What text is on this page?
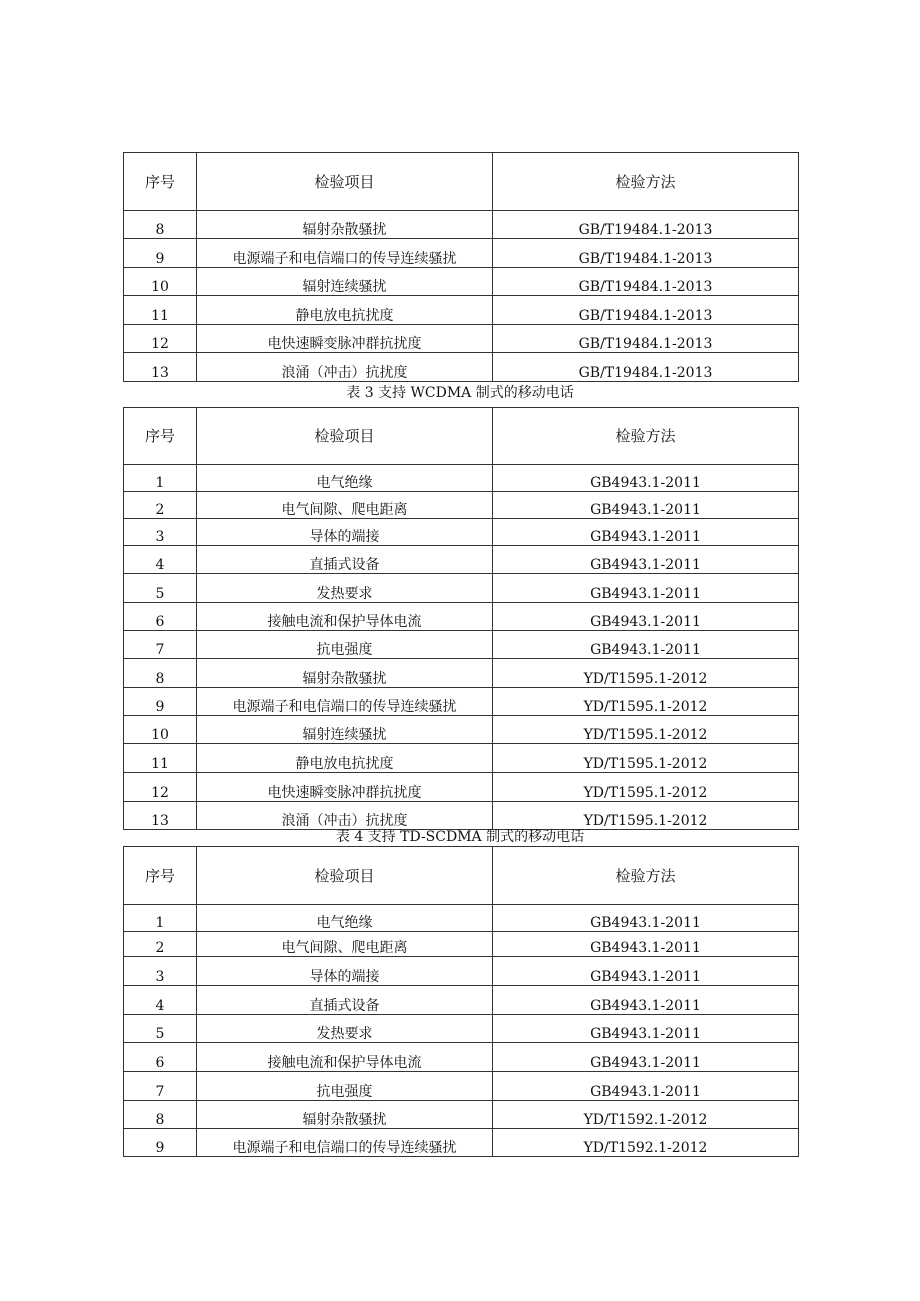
序号	检验项目	检验方法
8	辐射杂散骚扰	GB/T19484.1-2013
9	电源端子和电信端口的传导连续骚扰	GB/T19484.1-2013
10	辐射连续骚扰	GB/T19484.1-2013
11	静电放电抗扰度	GB/T19484.1-2013
12	电快速瞬变脉冲群抗扰度	GB/T19484.1-2013
13	浪涌（冲击）抗扰度	GB/T19484.1-2013
表 3 支持 WCDMA 制式的移动电话
序号	检验项目	检验方法
1	电气绝缘	GB4943.1-2011
2	电气间隙、爬电距离	GB4943.1-2011
3	导体的端接	GB4943.1-2011
4	直插式设备	GB4943.1-2011
5	发热要求	GB4943.1-2011
6	接触电流和保护导体电流	GB4943.1-2011
7	抗电强度	GB4943.1-2011
8	辐射杂散骚扰	YD/T1595.1-2012
9	电源端子和电信端口的传导连续骚扰	YD/T1595.1-2012
10	辐射连续骚扰	YD/T1595.1-2012
11	静电放电抗扰度	YD/T1595.1-2012
12	电快速瞬变脉冲群抗扰度	YD/T1595.1-2012
13	浪涌（冲击）抗扰度	YD/T1595.1-2012
表 4 支持 TD-SCDMA 制式的移动电话
序号	检验项目	检验方法
1	电气绝缘	GB4943.1-2011
2	电气间隙、爬电距离	GB4943.1-2011
3	导体的端接	GB4943.1-2011
4	直插式设备	GB4943.1-2011
5	发热要求	GB4943.1-2011
6	接触电流和保护导体电流	GB4943.1-2011
7	抗电强度	GB4943.1-2011
8	辐射杂散骚扰	YD/T1592.1-2012
9	电源端子和电信端口的传导连续骚扰	YD/T1592.1-2012
